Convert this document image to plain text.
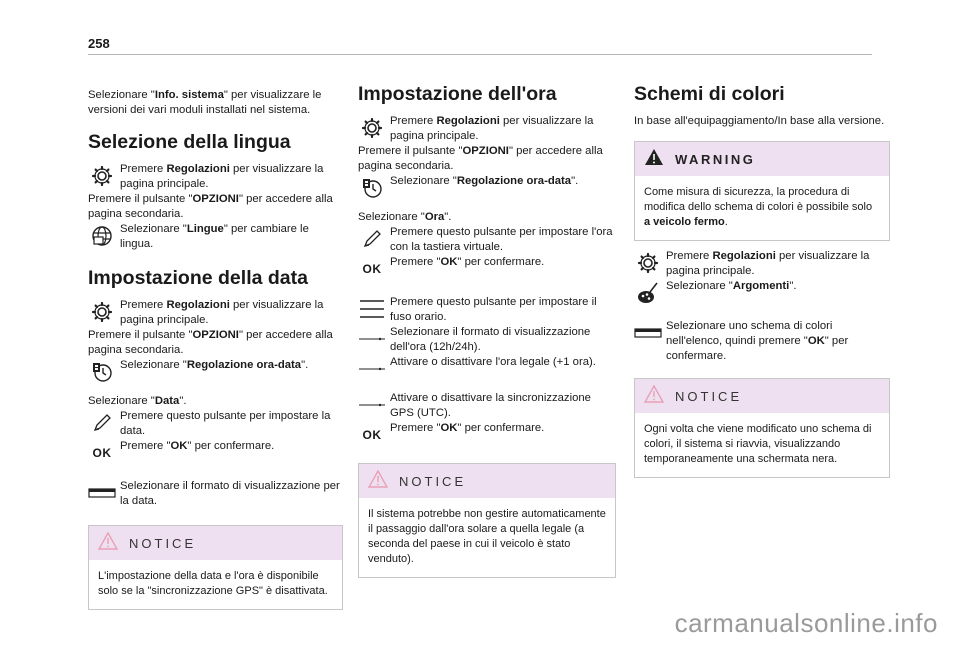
258

Selezionare "Info. sistema" per visualizzare le versioni dei vari moduli installati nel sistema.

Selezione della lingua

Premere Regolazioni per visualizzare la pagina principale.

Premere il pulsante "OPZIONI" per accedere alla pagina secondaria.

Selezionare "Lingue" per cambiare le lingua.

Impostazione della data

Premere Regolazioni per visualizzare la pagina principale.

Premere il pulsante "OPZIONI" per accedere alla pagina secondaria.

Selezionare "Regolazione ora-data".

Selezionare "Data".

Premere questo pulsante per impostare la data.

OK Premere "OK" per confermare.

Selezionare il formato di visualizzazione per la data.

NOTICE
L'impostazione della data e l'ora è disponibile solo se la "sincronizzazione GPS" è disattivata.
Impostazione dell'ora

Premere Regolazioni per visualizzare la pagina principale.

Premere il pulsante "OPZIONI" per accedere alla pagina secondaria.

Selezionare "Regolazione ora-data".

Selezionare "Ora".

Premere questo pulsante per impostare l'ora con la tastiera virtuale.

OK Premere "OK" per confermare.

Premere questo pulsante per impostare il fuso orario.

Selezionare il formato di visualizzazione dell'ora (12h/24h).

Attivare o disattivare l'ora legale (+1 ora).

Attivare o disattivare la sincronizzazione GPS (UTC).

OK Premere "OK" per confermare.

NOTICE
Il sistema potrebbe non gestire automaticamente il passaggio dall'ora solare a quella legale (a seconda del paese in cui il veicolo è stato venduto).
Schemi di colori

In base all'equipaggiamento/In base alla versione.

WARNING
Come misura di sicurezza, la procedura di modifica dello schema di colori è possibile solo a veicolo fermo.

Premere Regolazioni per visualizzare la pagina principale.

Selezionare "Argomenti".

Selezionare uno schema di colori nell'elenco, quindi premere "OK" per confermare.

NOTICE
Ogni volta che viene modificato uno schema di colori, il sistema si riavvia, visualizzando temporaneamente una schermata nera.
carmanualsonline.info
